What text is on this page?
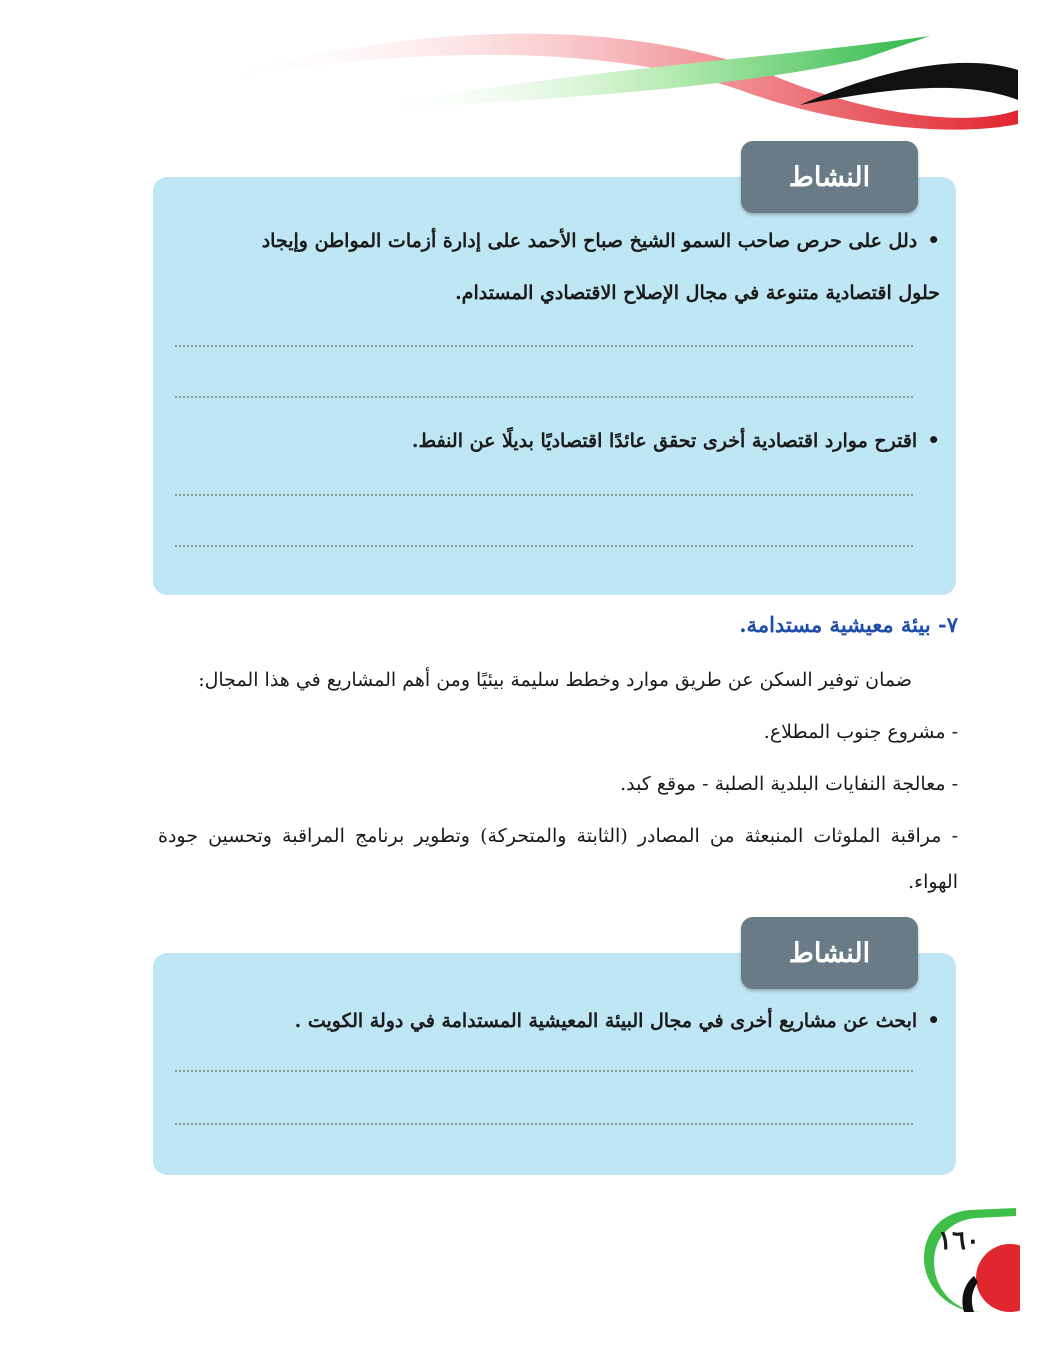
النشاط
•دلل على حرص صاحب السمو الشيخ صباح الأحمد على إدارة أزمات المواطن وإيجاد
حلول اقتصادية متنوعة في مجال الإصلاح الاقتصادي المستدام.
•اقترح موارد اقتصادية أخرى تحقق عائدًا اقتصاديًا بديلًا عن النفط.
٧- بيئة معيشية مستدامة.
ضمان توفير السكن عن طريق موارد وخطط سليمة بيئيًا ومن أهم المشاريع في هذا المجال:
- مشروع جنوب المطلاع.
- معالجة النفايات البلدية الصلبة - موقع كبد.
- مراقبة الملوثات المنبعثة من المصادر (الثابتة والمتحركة) وتطوير برنامج المراقبة وتحسين جودة
الهواء.
النشاط
•ابحث عن مشاريع أخرى في مجال البيئة المعيشية المستدامة في دولة الكويت .
١٦٠
